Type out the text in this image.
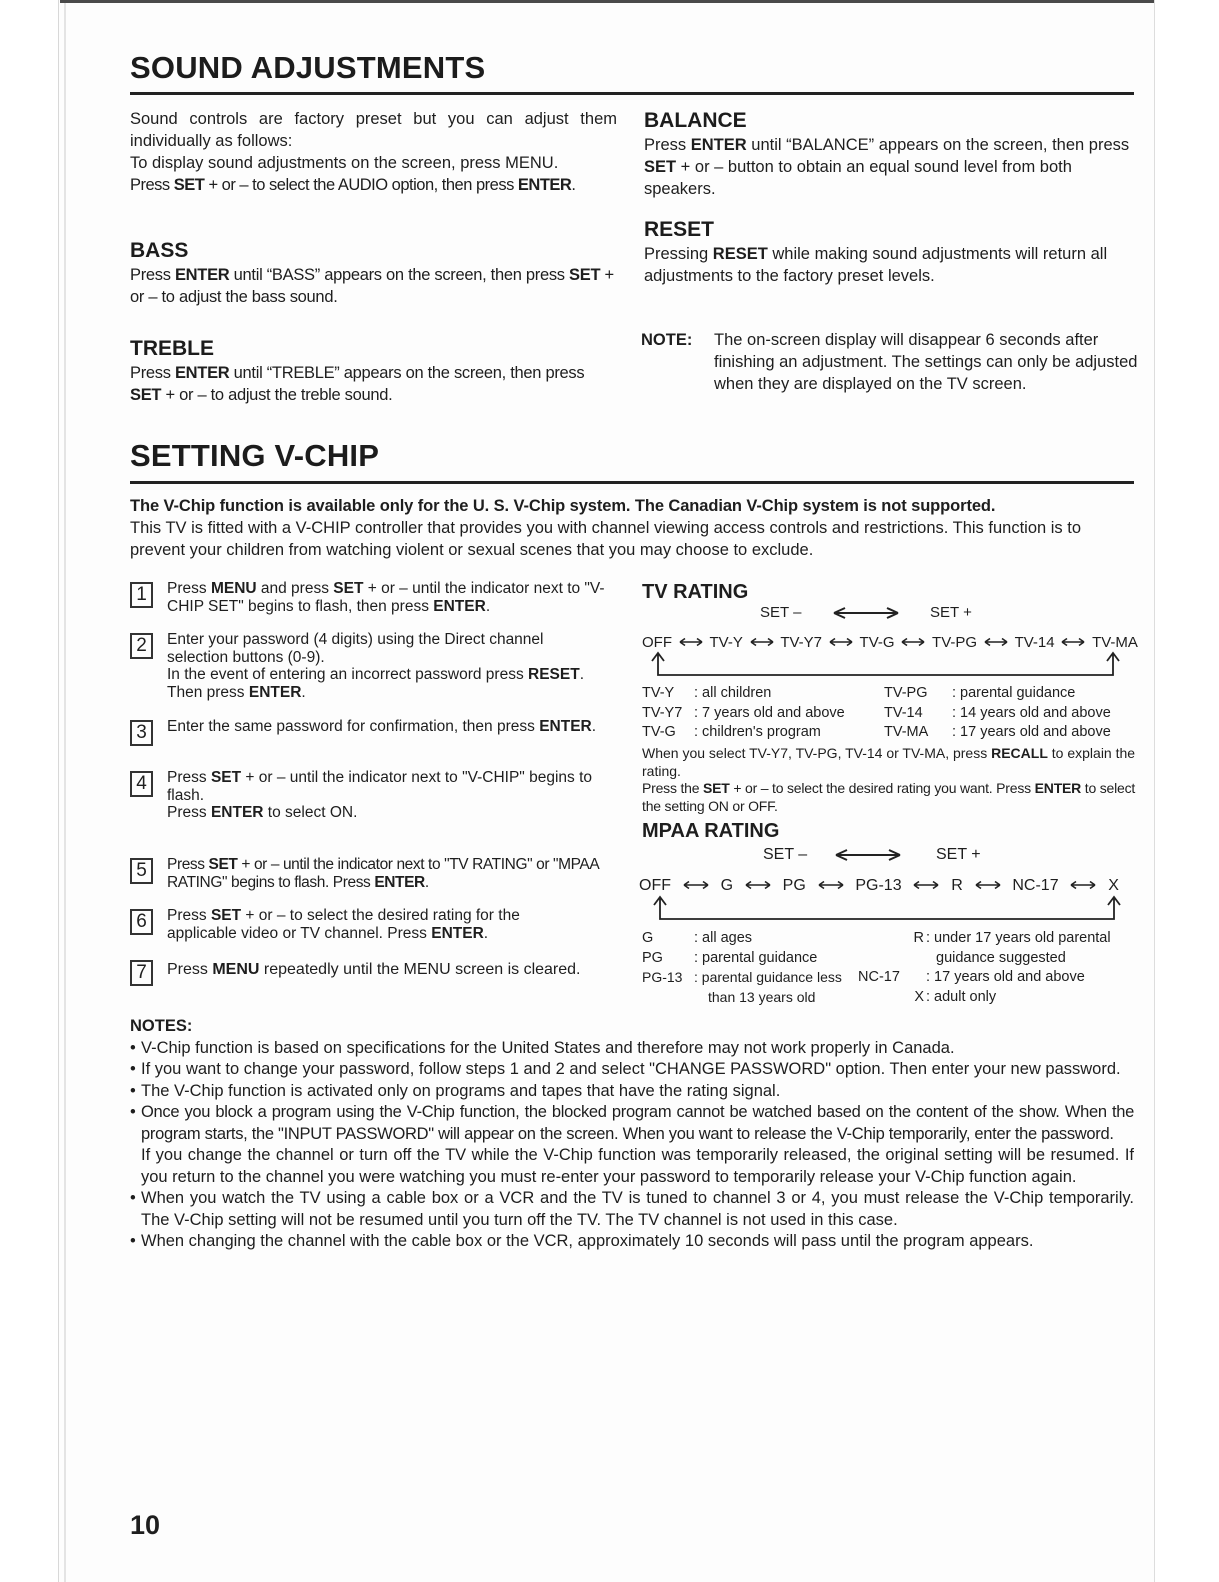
SOUND ADJUSTMENTS

Sound controls are factory preset but you can adjust them individually as follows:

To display sound adjustments on the screen, press MENU.

Press SET + or – to select the AUDIO option, then press ENTER.

BASS

Press ENTER until “BASS” appears on the screen, then press SET + or – to adjust the bass sound.

TREBLE

Press ENTER until “TREBLE” appears on the screen, then press SET + or – to adjust the treble sound.

BALANCE

Press ENTER until “BALANCE” appears on the screen, then press SET + or – button to obtain an equal sound level from both speakers.

RESET

Pressing RESET while making sound adjustments will return all adjustments to the factory preset levels.

NOTE: The on-screen display will disappear 6 seconds after finishing an adjustment. The settings can only be adjusted when they are displayed on the TV screen.

SETTING V-CHIP

The V-Chip function is available only for the U. S. V-Chip system. The Canadian V-Chip system is not supported.

This TV is fitted with a V-CHIP controller that provides you with channel viewing access controls and restrictions. This function is to prevent your children from watching violent or sexual scenes that you may choose to exclude.

1	Press MENU and press SET + or – until the indicator next to "V-CHIP SET" begins to flash, then press ENTER.

2	Enter your password (4 digits) using the Direct channel selection buttons (0-9).

In the event of entering an incorrect password press RESET. Then press ENTER.

3	Enter the same password for confirmation, then press ENTER.

4	Press SET + or – until the indicator next to "V-CHIP" begins to flash.

Press ENTER to select ON.

5	Press SET + or – until the indicator next to "TV RATING" or "MPAA RATING" begins to flash. Press ENTER.

6	Press SET + or – to select the desired rating for the applicable video or TV channel. Press ENTER.

7	Press MENU repeatedly until the MENU screen is cleared.

TV RATING
SET –	SET +
OFF	TV-Y	TV-Y7	TV-G	TV-PG	TV-14	TV-MA
TV-Y	: all children
TV-Y7 : 7 years old and above
TV-G	: children's program
TV-PG	: parental guidance
TV-14	: 14 years old and above
TV-MA	: 17 years old and above

When you select TV-Y7, TV-PG, TV-14 or TV-MA, press RECALL to explain the rating.

Press the SET + or – to select the desired rating you want. Press ENTER to select the setting ON or OFF.

MPAA RATING
SET –	SET +
OFF	G	PG	PG-13	R	NC-17	X
G	: all ages
PG	: parental guidance
PG-13 : parental guidance less
than 13 years old
R : under 17 years old parental
guidance suggested
NC-17	: 17 years old and above
X : adult only

NOTES:

• V-Chip function is based on specifications for the United States and therefore may not work properly in Canada.
• If you want to change your password, follow steps 1 and 2 and select "CHANGE PASSWORD" option. Then enter your new password.
• The V-Chip function is activated only on programs and tapes that have the rating signal.
• Once you block a program using the V-Chip function, the blocked program cannot be watched based on the content of the show. When the program starts, the "INPUT PASSWORD" will appear on the screen. When you want to release the V-Chip temporarily, enter the password.
If you change the channel or turn off the TV while the V-Chip function was temporarily released, the original setting will be resumed. If you return to the channel you were watching you must re-enter your password to temporarily release your V-Chip function again.
• When you watch the TV using a cable box or a VCR and the TV is tuned to channel 3 or 4, you must release the V-Chip temporarily. The V-Chip setting will not be resumed until you turn off the TV. The TV channel is not used in this case.
• When changing the channel with the cable box or the VCR, approximately 10 seconds will pass until the program appears.

10
